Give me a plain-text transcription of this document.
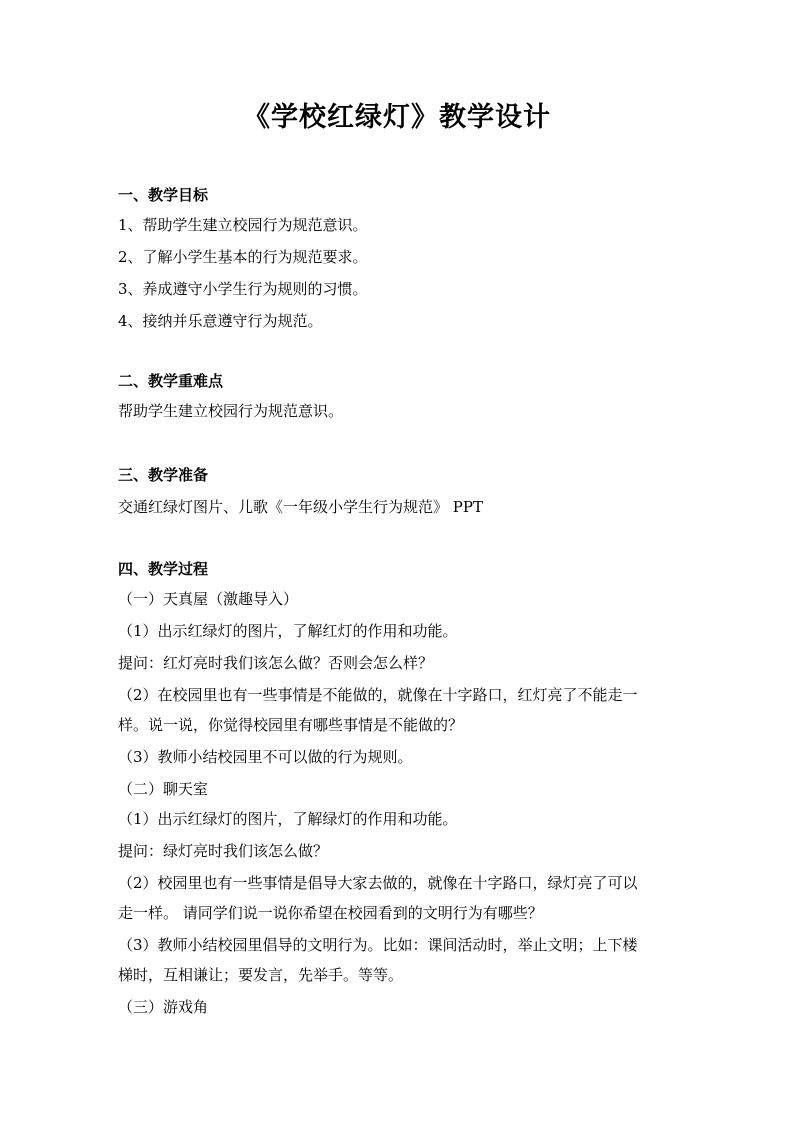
《学校红绿灯》教学设计
一、教学目标
1、帮助学生建立校园行为规范意识。
2、了解小学生基本的行为规范要求。
3、养成遵守小学生行为规则的习惯。
4、接纳并乐意遵守行为规范。
二、教学重难点
帮助学生建立校园行为规范意识。
三、教学准备
交通红绿灯图片、儿歌《一年级小学生行为规范》 PPT
四、教学过程
（一）天真屋（激趣导入）
（1）出示红绿灯的图片，了解红灯的作用和功能。
提问：红灯亮时我们该怎么做？否则会怎么样？
（2）在校园里也有一些事情是不能做的，就像在十字路口，红灯亮了不能走一
样。说一说，你觉得校园里有哪些事情是不能做的？
（3）教师小结校园里不可以做的行为规则。
（二）聊天室
（1）出示红绿灯的图片，了解绿灯的作用和功能。
提问：绿灯亮时我们该怎么做？
（2）校园里也有一些事情是倡导大家去做的，就像在十字路口，绿灯亮了可以
走一样。 请同学们说一说你希望在校园看到的文明行为有哪些？
（3）教师小结校园里倡导的文明行为。比如：课间活动时，举止文明；上下楼
梯时，互相谦让；要发言，先举手。等等。
（三）游戏角
